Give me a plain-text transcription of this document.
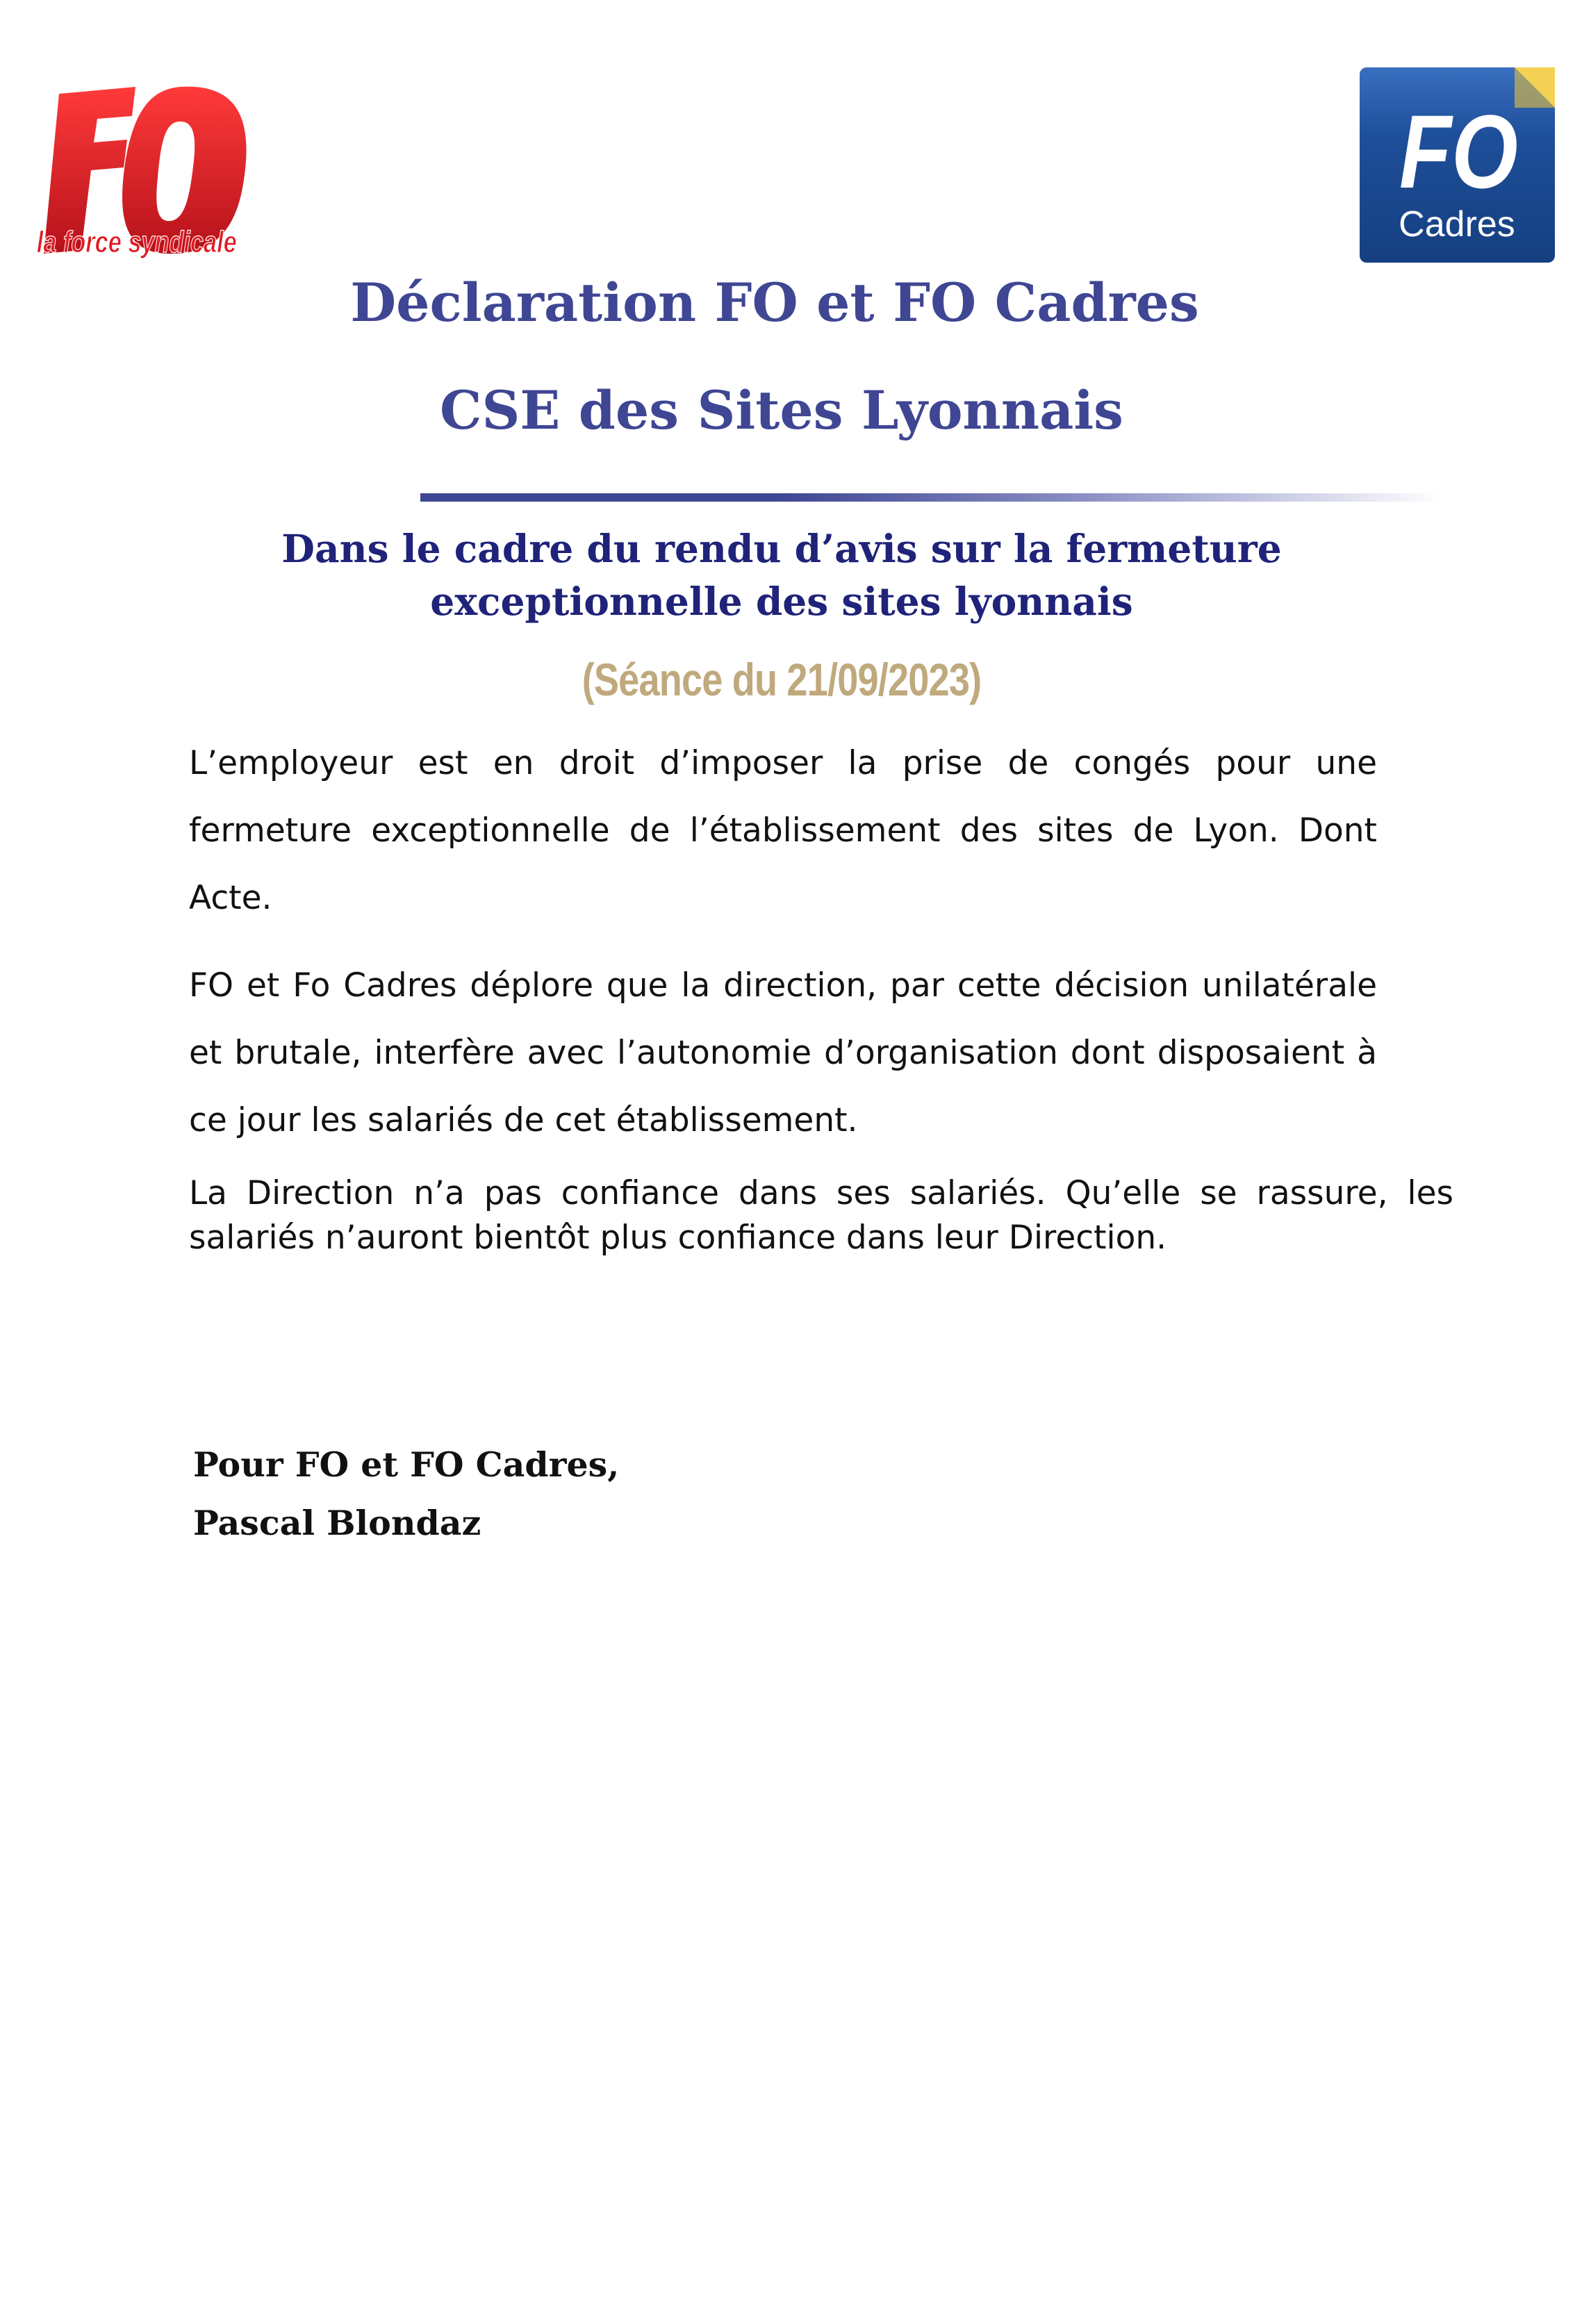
la force syndicale
FO
Cadres
Déclaration FO et FO Cadres
CSE des Sites Lyonnais
Dans le cadre du rendu d’avis sur la fermeture
exceptionnelle des sites lyonnais
(Séance du 21/09/2023)
L’employeur est en droit d’imposer la prise de congés pour une fermeture exceptionnelle de l’établissement des sites de Lyon. Dont Acte.
FO et Fo Cadres déplore que la direction, par cette décision unilatérale et brutale, interfère avec l’autonomie d’organisation dont disposaient à ce jour les salariés de cet établissement.
La Direction n’a pas confiance dans ses salariés. Qu’elle se rassure, les salariés n’auront bientôt plus confiance dans leur Direction.
Pour FO et FO Cadres,
Pascal Blondaz
